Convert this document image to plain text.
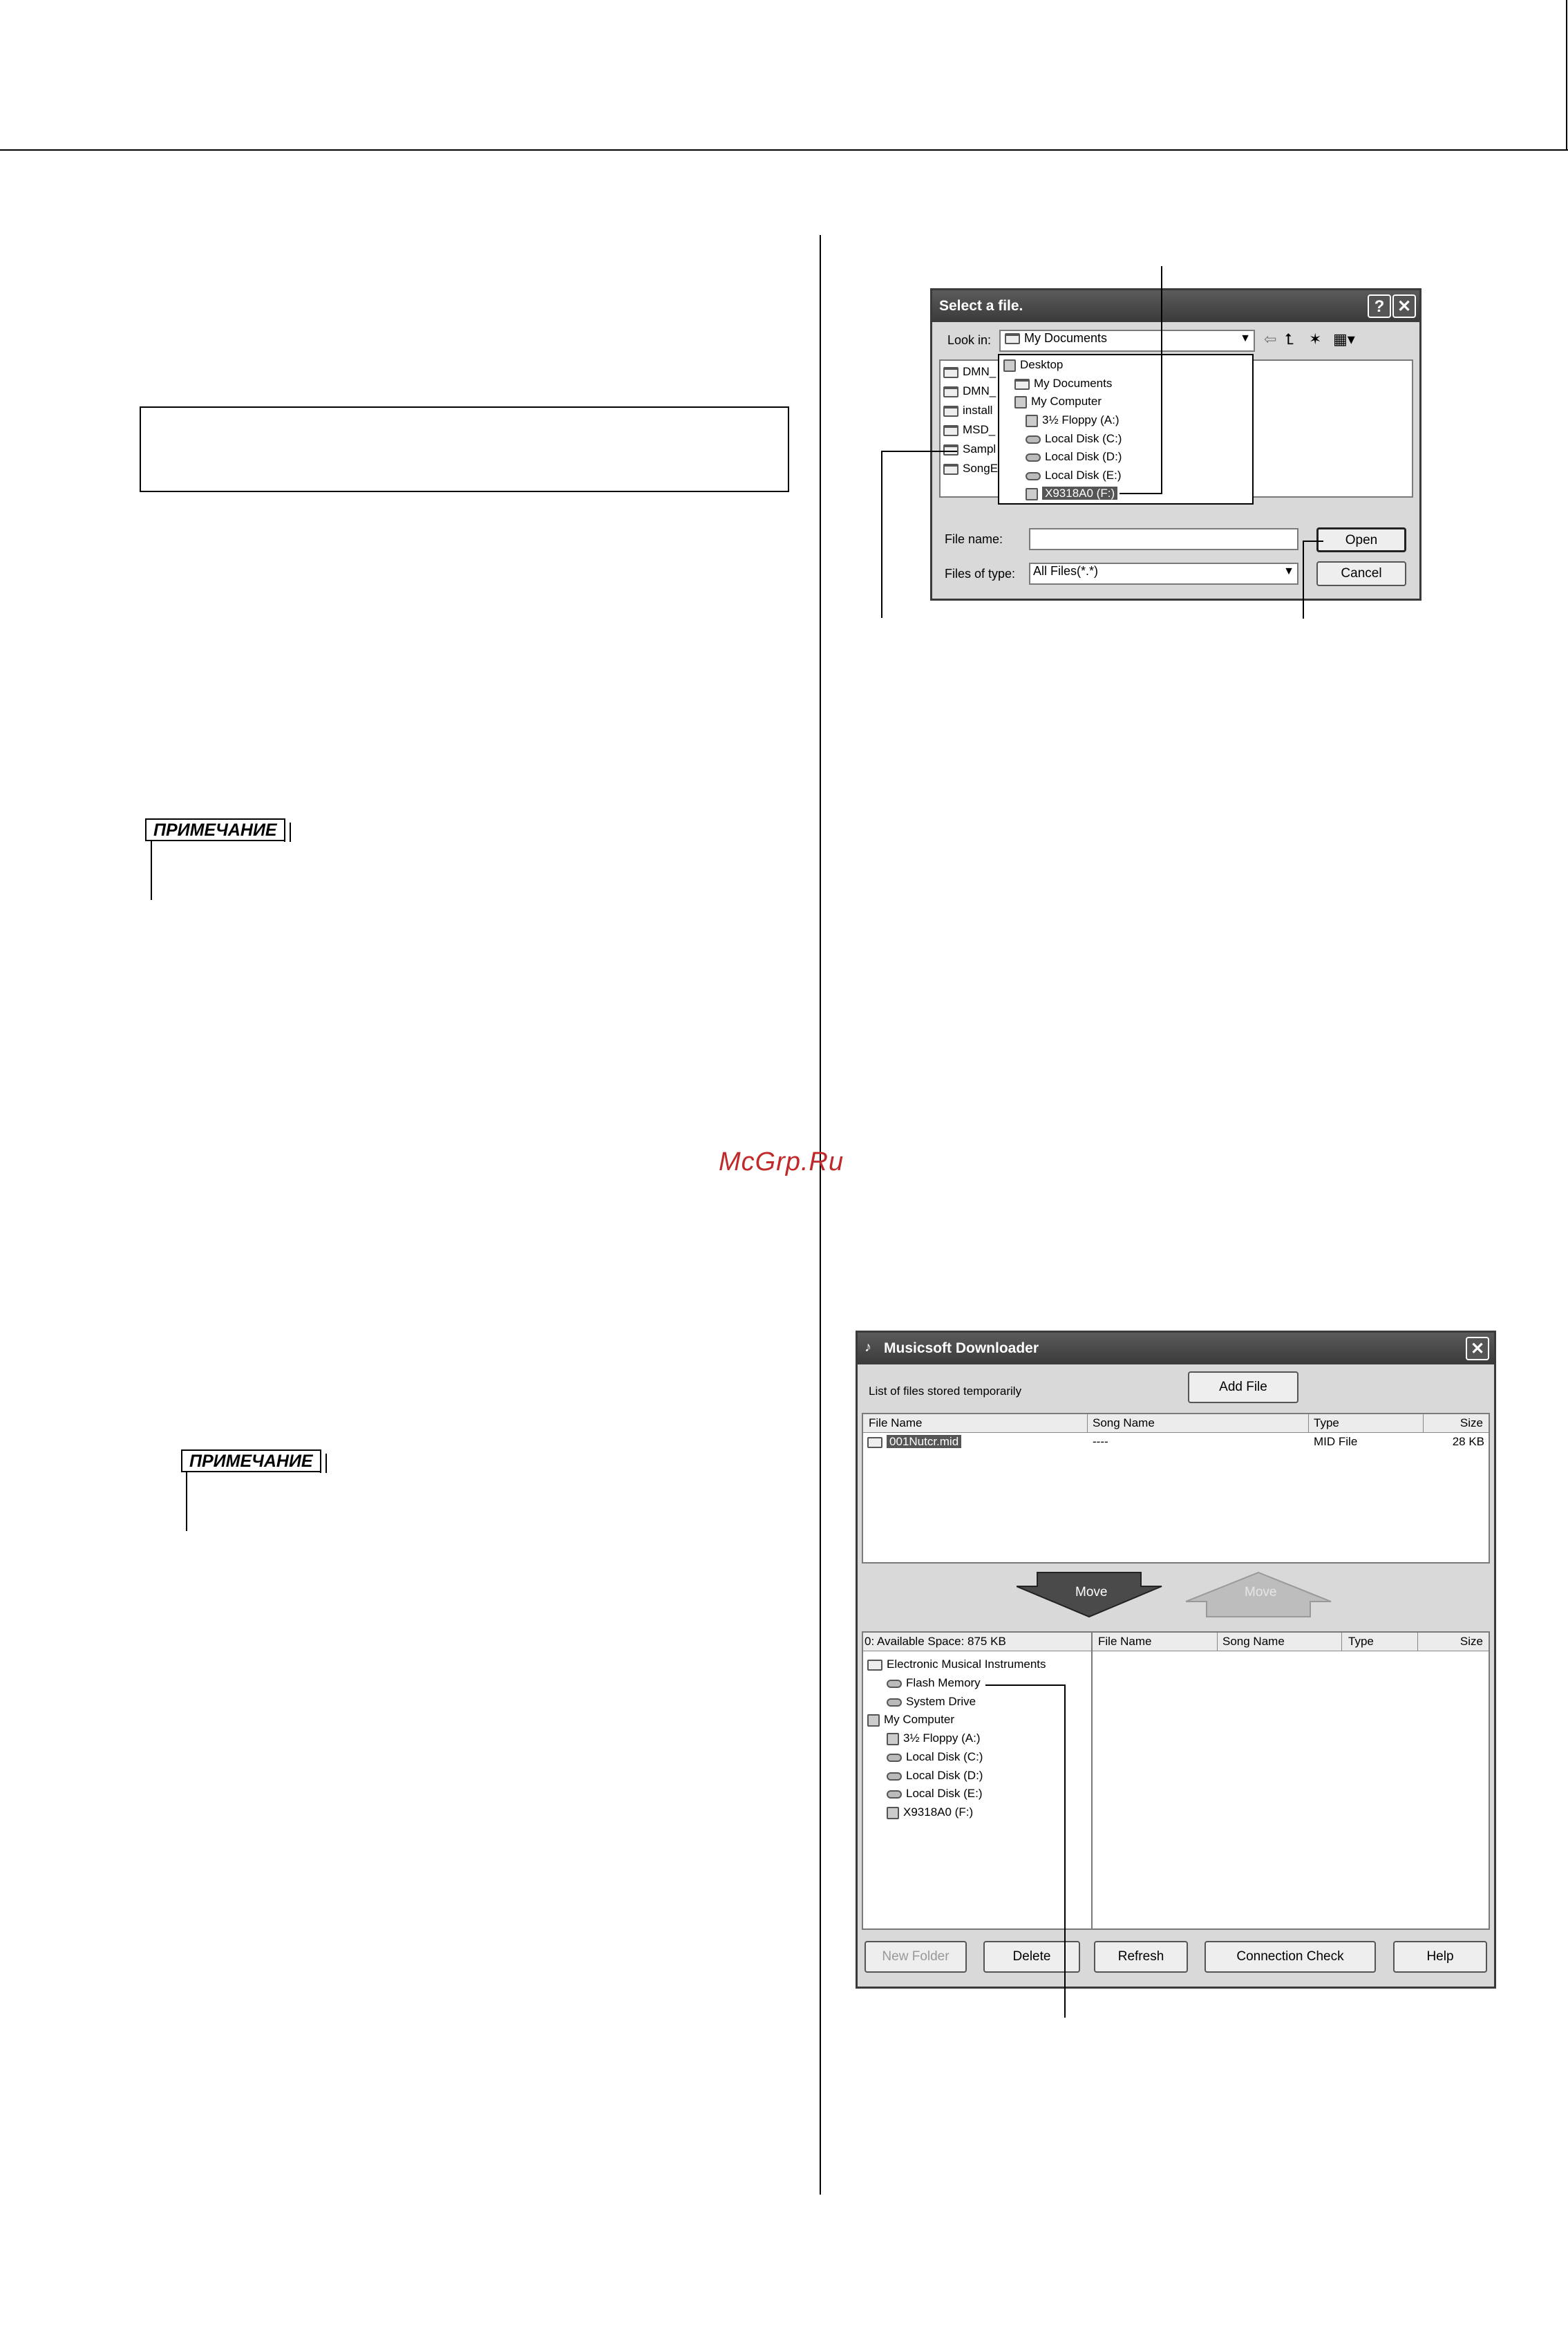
ПРИМЕЧАНИЕ
ПРИМЕЧАНИЕ
McGrp.Ru
Select a file.	? ✕
Look in:	My Documents	▼ ⇦ ⮤ ✶ ▦▾
DMN_
DMN_
install
MSD_
Sampl
SongE
Desktop
My Documents
My Computer
3½ Floppy (A:)
Local Disk (C:)
Local Disk (D:)
Local Disk (E:)
X9318A0 (F:)
File name:
Files of type:	All Files(*.*)	▼
Open
Cancel
♪ Musicsoft Downloader	✕
List of files stored temporarily	Add File
File Name	Song Name	Type	Size
001Nutcr.mid	----	MID File	28 KB
Move	Move
0: Available Space: 875 KB
Electronic Musical Instruments
Flash Memory
System Drive
My Computer
3½ Floppy (A:)
Local Disk (C:)
Local Disk (D:)
Local Disk (E:)
X9318A0 (F:)
File Name	Song Name	Type	Size
New Folder	Delete	Refresh	Connection Check	Help
